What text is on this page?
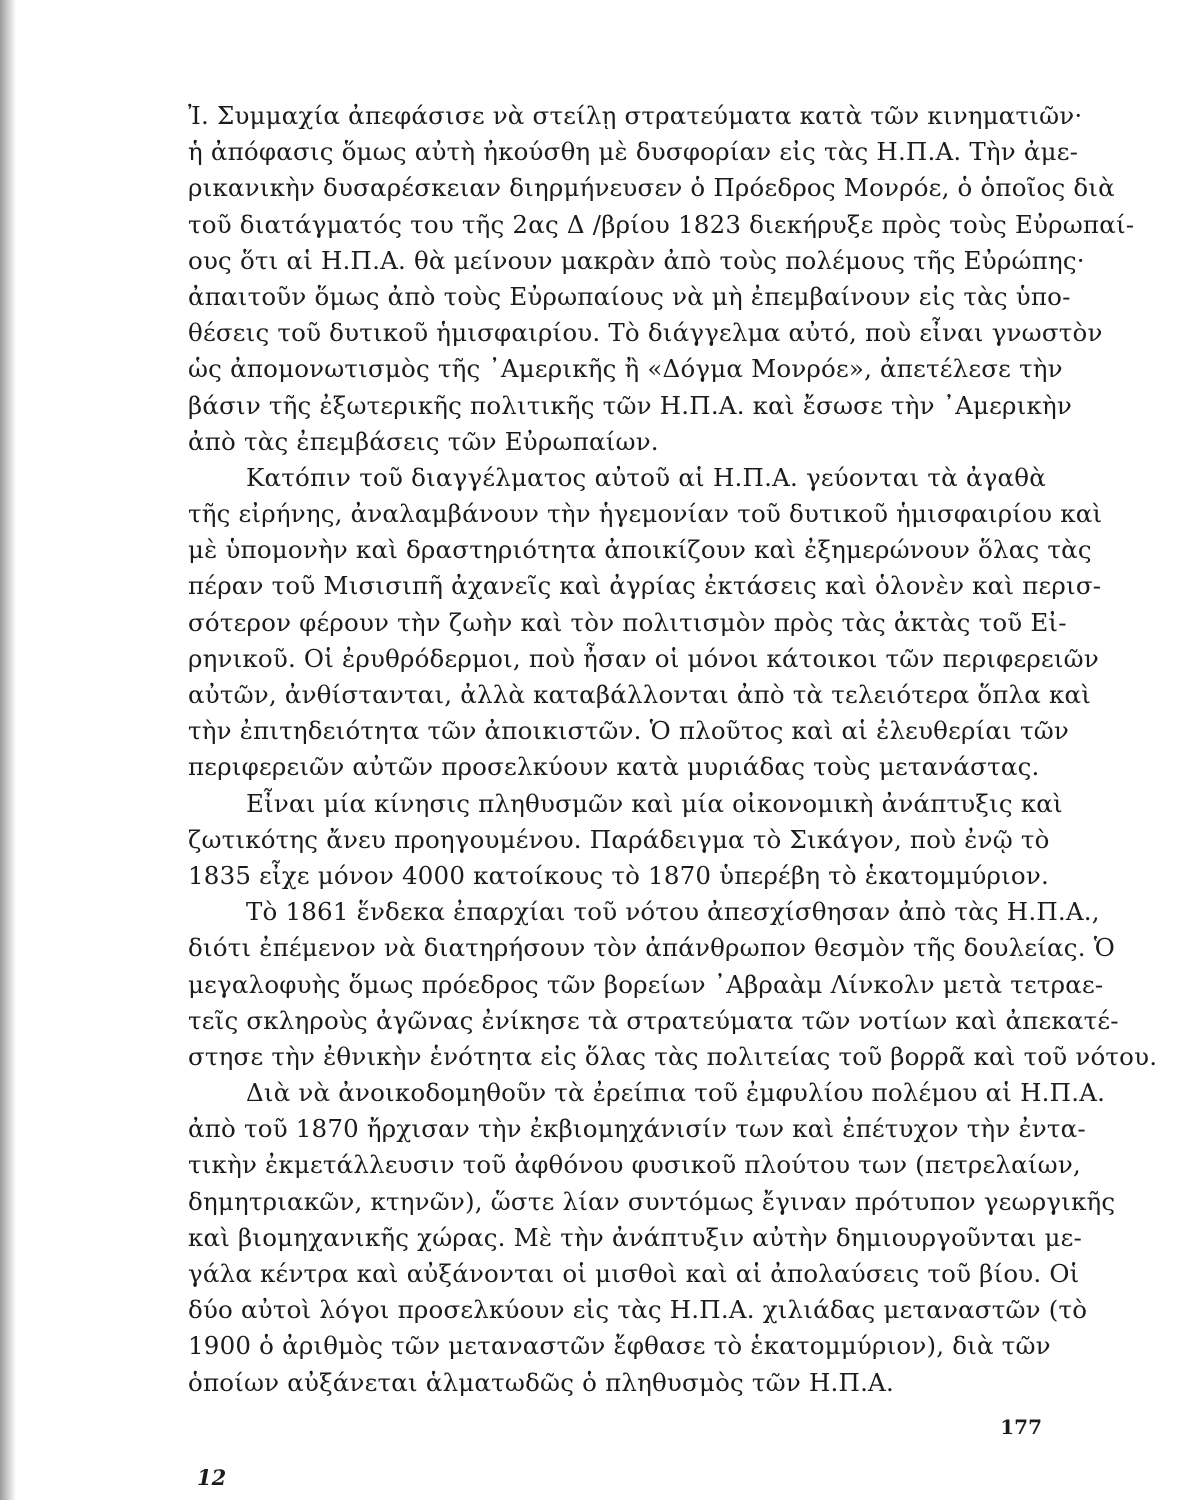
Ἰ. Συμμαχία ἀπεφάσισε νὰ στείλῃ στρατεύματα κατὰ τῶν κινηματιῶν·
ἡ ἀπόφασις ὅμως αὐτὴ ἠκούσθη μὲ δυσφορίαν εἰς τὰς Η.Π.Α. Τὴν ἀμε-
ρικανικὴν δυσαρέσκειαν διηρμήνευσεν ὁ Πρόεδρος Μονρόε, ὁ ὁποῖος διὰ
τοῦ διατάγματός του τῆς 2ας Δ /βρίου 1823 διεκήρυξε πρὸς τοὺς Εὐρωπαί-
ους ὅτι αἱ Η.Π.Α. θὰ μείνουν μακρὰν ἀπὸ τοὺς πολέμους τῆς Εὐρώπης·
ἀπαιτοῦν ὅμως ἀπὸ τοὺς Εὐρωπαίους νὰ μὴ ἐπεμβαίνουν εἰς τὰς ὑπο-
θέσεις τοῦ δυτικοῦ ἡμισφαιρίου. Τὸ διάγγελμα αὐτό, ποὺ εἶναι γνωστὸν
ὡς ἀπομονωτισμὸς τῆς ᾿Αμερικῆς ἢ «Δόγμα Μονρόε», ἀπετέλεσε τὴν
βάσιν τῆς ἐξωτερικῆς πολιτικῆς τῶν Η.Π.Α. καὶ ἔσωσε τὴν ᾿Αμερικὴν
ἀπὸ τὰς ἐπεμβάσεις τῶν Εὐρωπαίων.
Κατόπιν τοῦ διαγγέλματος αὐτοῦ αἱ Η.Π.Α. γεύονται τὰ ἀγαθὰ
τῆς εἰρήνης, ἀναλαμβάνουν τὴν ἡγεμονίαν τοῦ δυτικοῦ ἡμισφαιρίου καὶ
μὲ ὑπομονὴν καὶ δραστηριότητα ἀποικίζουν καὶ ἐξημερώνουν ὅλας τὰς
πέραν τοῦ Μισισιπῆ ἀχανεῖς καὶ ἀγρίας ἐκτάσεις καὶ ὁλονὲν καὶ περισ-
σότερον φέρουν τὴν ζωὴν καὶ τὸν πολιτισμὸν πρὸς τὰς ἀκτὰς τοῦ Εἰ-
ρηνικοῦ. Οἱ ἐρυθρόδερμοι, ποὺ ἦσαν οἱ μόνοι κάτοικοι τῶν περιφερειῶν
αὐτῶν, ἀνθίστανται, ἀλλὰ καταβάλλονται ἀπὸ τὰ τελειότερα ὅπλα καὶ
τὴν ἐπιτηδειότητα τῶν ἀποικιστῶν. Ὁ πλοῦτος καὶ αἱ ἐλευθερίαι τῶν
περιφερειῶν αὐτῶν προσελκύουν κατὰ μυριάδας τοὺς μετανάστας.
Εἶναι μία κίνησις πληθυσμῶν καὶ μία οἰκονομικὴ ἀνάπτυξις καὶ
ζωτικότης ἄνευ προηγουμένου. Παράδειγμα τὸ Σικάγον, ποὺ ἐνῷ τὸ
1835 εἶχε μόνον 4000 κατοίκους τὸ 1870 ὑπερέβη τὸ ἑκατομμύριον.
Τὸ 1861 ἕνδεκα ἐπαρχίαι τοῦ νότου ἀπεσχίσθησαν ἀπὸ τὰς Η.Π.Α.,
διότι ἐπέμενον νὰ διατηρήσουν τὸν ἀπάνθρωπον θεσμὸν τῆς δουλείας. Ὁ
μεγαλοφυὴς ὅμως πρόεδρος τῶν βορείων ᾿Αβραὰμ Λίνκολν μετὰ τετραε-
τεῖς σκληροὺς ἀγῶνας ἐνίκησε τὰ στρατεύματα τῶν νοτίων καὶ ἀπεκατέ-
στησε τὴν ἐθνικὴν ἑνότητα εἰς ὅλας τὰς πολιτείας τοῦ βορρᾶ καὶ τοῦ νότου.
Διὰ νὰ ἀνοικοδομηθοῦν τὰ ἐρείπια τοῦ ἐμφυλίου πολέμου αἱ Η.Π.Α.
ἀπὸ τοῦ 1870 ἤρχισαν τὴν ἐκβιομηχάνισίν των καὶ ἐπέτυχον τὴν ἐντα-
τικὴν ἐκμετάλλευσιν τοῦ ἀφθόνου φυσικοῦ πλούτου των (πετρελαίων,
δημητριακῶν, κτηνῶν), ὥστε λίαν συντόμως ἔγιναν πρότυπον γεωργικῆς
καὶ βιομηχανικῆς χώρας. Μὲ τὴν ἀνάπτυξιν αὐτὴν δημιουργοῦνται με-
γάλα κέντρα καὶ αὐξάνονται οἱ μισθοὶ καὶ αἱ ἀπολαύσεις τοῦ βίου. Οἱ
δύο αὐτοὶ λόγοι προσελκύουν εἰς τὰς Η.Π.Α. χιλιάδας μεταναστῶν (τὸ
1900 ὁ ἀριθμὸς τῶν μεταναστῶν ἔφθασε τὸ ἑκατομμύριον), διὰ τῶν
ὁποίων αὐξάνεται ἁλματωδῶς ὁ πληθυσμὸς τῶν Η.Π.Α.
177
12
